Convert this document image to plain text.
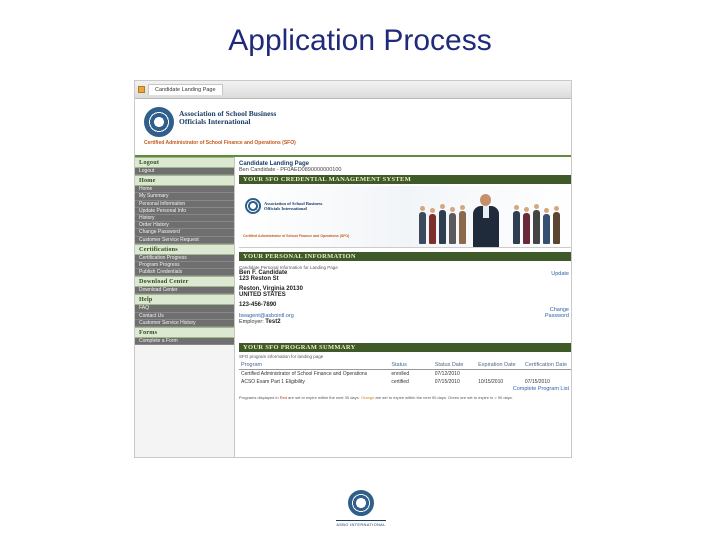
Application Process
Candidate Landing Page
Association of School Business Officials International
Certified Administrator of School Finance and Operations (SFO)
Logout
Logout
Home
Home
My Summary
Personal Information
Update Personal Info
History
Order History
Change Password
Customer Service Request
Certifications
Certification Progress
Program Progress
Publish Credentials
Download Center
Download Center
Help
FAQ
Contact Us
Customer Service History
Forms
Complete a Form
Candidate Landing Page
Ben Candidate - PF0AED0890000000100
YOUR SFO CREDENTIAL MANAGEMENT SYSTEM
Association of School Business Officials International
Certified Administrator of School Finance and Operations (SFO)
YOUR PERSONAL INFORMATION
Candidate Personal Information for Landing Page
Ben F. Candidate
123 Reston St
Reston, Virginia 20130
UNITED STATES
123-456-7890
bwagent@asbointl.org
Employer: Test2
Update
Change Password
YOUR SFO PROGRAM SUMMARY
SFO program information for landing page
Program	Status	Status Date	Expiration Date	Certification Date
Certified Administrator of School Finance and Operations	enrolled	07/12/2010		
ACSO Exam Part 1 Eligibility	certified	07/15/2010	10/15/2010	07/15/2010
Complete Program List
Programs displayed in Red are set to expire within the next 30 days. Orange are set to expire within the next 90 days. Green are set to expire in > 90 days.
ASBO INTERNATIONAL
